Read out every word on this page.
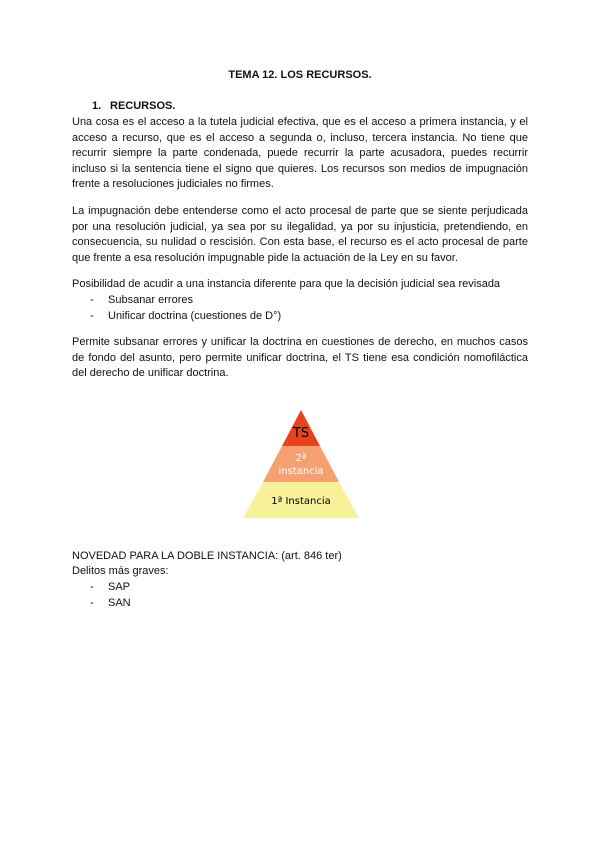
TEMA 12. LOS RECURSOS.
1. RECURSOS.

Una cosa es el acceso a la tutela judicial efectiva, que es el acceso a primera instancia, y el acceso a recurso, que es el acceso a segunda o, incluso, tercera instancia. No tiene que recurrir siempre la parte condenada, puede recurrir la parte acusadora, puedes recurrir incluso si la sentencia tiene el signo que quieres. Los recursos son medios de impugnación frente a resoluciones judiciales no firmes.

La impugnación debe entenderse como el acto procesal de parte que se siente perjudicada por una resolución judicial, ya sea por su ilegalidad, ya por su injusticia, pretendiendo, en consecuencia, su nulidad o rescisión. Con esta base, el recurso es el acto procesal de parte que frente a esa resolución impugnable pide la actuación de la Ley en su favor.

Posibilidad de acudir a una instancia diferente para que la decisión judicial sea revisada

- Subsanar errores
- Unificar doctrina (cuestiones de D°)

Permite subsanar errores y unificar la doctrina en cuestiones de derecho, en muchos casos de fondo del asunto, pero permite unificar doctrina, el TS tiene esa condición nomofiláctica del derecho de unificar doctrina.

TS
2ª
instancia
1ª Instancia

NOVEDAD PARA LA DOBLE INSTANCIA: (art. 846 ter)

Delitos más graves:

- SAP
- SAN
